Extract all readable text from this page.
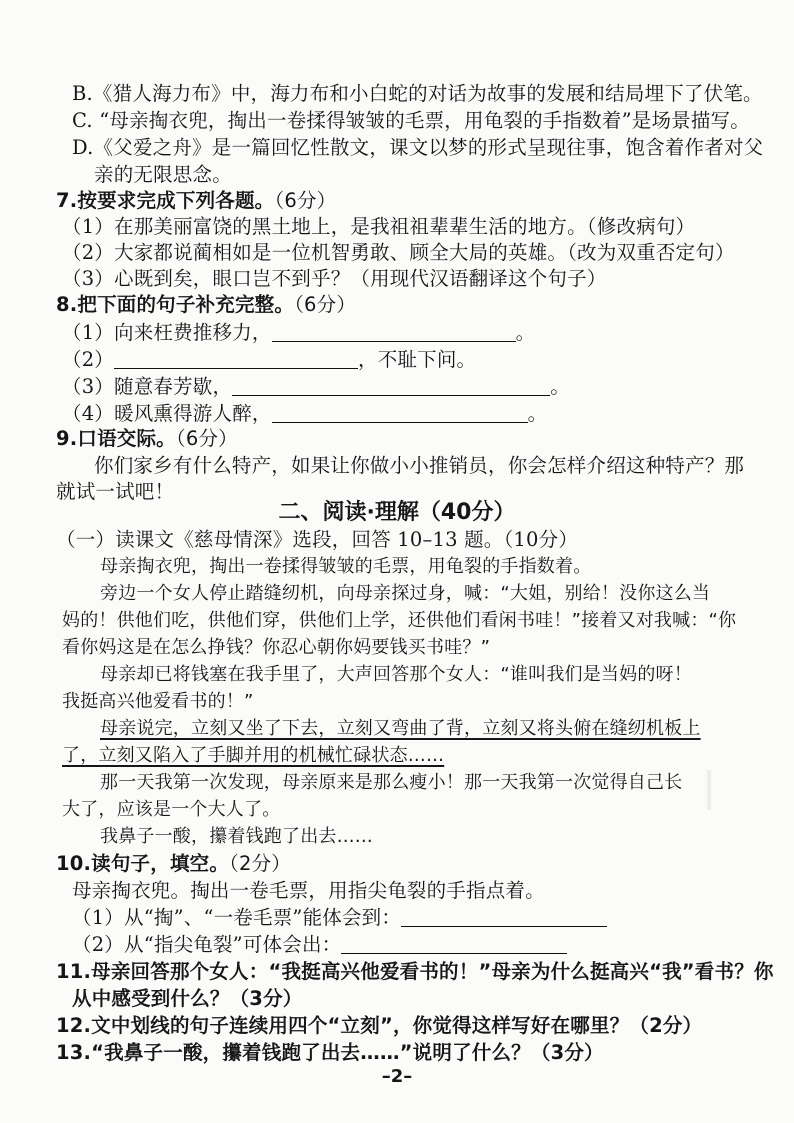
B.《猎人海力布》中，海力布和小白蛇的对话为故事的发展和结局埋下了伏笔。
C. “母亲掏衣兜，掏出一卷揉得皱皱的毛票，用龟裂的手指数着”是场景描写。
D.《父爱之舟》是一篇回忆性散文，课文以梦的形式呈现往事，饱含着作者对父
亲的无限思念。
7.按要求完成下列各题。（6分）
（1）在那美丽富饶的黑土地上，是我祖祖辈辈生活的地方。（修改病句）
（2）大家都说蔺相如是一位机智勇敢、顾全大局的英雄。（改为双重否定句）
（3）心既到矣，眼口岂不到乎？（用现代汉语翻译这个句子）
8.把下面的句子补充完整。（6分）
（1）向来枉费推移力，	。
（2）	，不耻下问。
（3）随意春芳歇，	。
（4）暖风熏得游人醉，	。
9.口语交际。（6分）
你们家乡有什么特产，如果让你做小小推销员，你会怎样介绍这种特产？那
就试一试吧！
二、阅读·理解（40分）
（一）读课文《慈母情深》选段，回答 10–13 题。（10分）
母亲掏衣兜，掏出一卷揉得皱皱的毛票，用龟裂的手指数着。
旁边一个女人停止踏缝纫机，向母亲探过身，喊：“大姐，别给！没你这么当
妈的！供他们吃，供他们穿，供他们上学，还供他们看闲书哇！”接着又对我喊：“你
看你妈这是在怎么挣钱？你忍心朝你妈要钱买书哇？”
母亲却已将钱塞在我手里了，大声回答那个女人：“谁叫我们是当妈的呀！
我挺高兴他爱看书的！”
母亲说完，立刻又坐了下去，立刻又弯曲了背，立刻又将头俯在缝纫机板上
了，立刻又陷入了手脚并用的机械忙碌状态……
那一天我第一次发现，母亲原来是那么瘦小！那一天我第一次觉得自己长
大了，应该是一个大人了。
我鼻子一酸，攥着钱跑了出去……
10.读句子，填空。（2分）
母亲掏衣兜。掏出一卷毛票，用指尖龟裂的手指点着。
（1）从“掏”、“一卷毛票”能体会到：
（2）从“指尖龟裂”可体会出：
11.母亲回答那个女人：“我挺高兴他爱看书的！”母亲为什么挺高兴“我”看书？你
从中感受到什么？（3分）
12.文中划线的句子连续用四个“立刻”，你觉得这样写好在哪里？（2分）
13.“我鼻子一酸，攥着钱跑了出去……”说明了什么？（3分）
–2–
